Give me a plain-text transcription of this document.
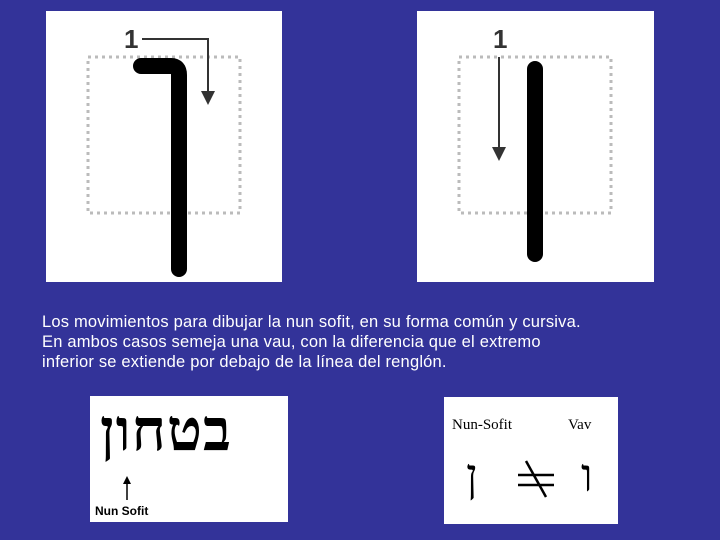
1	1
Los movimientos para dibujar la nun sofit, en su forma común y cursiva.
En ambos casos semeja una vau, con la diferencia que el extremo
inferior se extiende por debajo de la línea del renglón.
בטחון
Nun Sofit
Nun-Sofit	Vav
ן ו
